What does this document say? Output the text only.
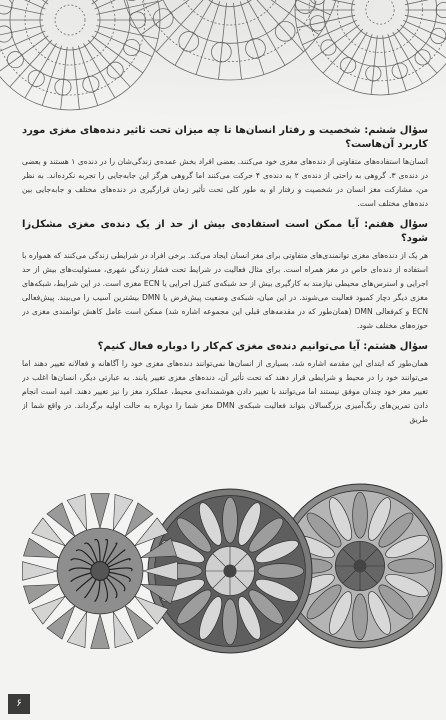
سؤال ششم: شخصیت و رفتار انسان‌ها تا چه میزان تحت تاثیر دنده‌های مغزی مورد کاربرد آن‌هاست؟

انسان‌ها استفاده‌های متفاوتی از دنده‌های مغزی خود می‌کنند. بعضی افراد بخش عمده‌ی زندگی‌شان را در دنده‌ی ۱ هستند و بعضی در دنده‌ی ۳. گروهی به راحتی از دنده‌ی ۲ به دنده‌ی ۴ حرکت می‌کنند اما گروهی هرگز این جابه‌جایی را تجربه نکرده‌اند. به نظر من، مشارکت مغز انسان در شخصیت و رفتار او به طور کلی تحت تأثیر زمان قرارگیری در دنده‌های مختلف و جابه‌جایی بین دنده‌های مختلف است.

سؤال هفتم: آیا ممکن است استفاده‌ی بیش از حد از یک دنده‌ی مغزی مشکل‌زا شود؟

هر یک از دنده‌های مغزی توانمندی‌های متفاوتی برای مغز انسان ایجاد می‌کند. برخی افراد در شرایطی زندگی می‌کنند که همواره با استفاده از دنده‌ای خاص در مغز همراه است. برای مثال فعالیت در شرایط تحت فشار زندگی شهری، مسئولیت‌های بیش از حد اجرایی و استرس‌های محیطی نیازمند به کارگیری بیش از حد شبکه‌ی کنترل اجرایی یا ECN مغزی است. در این شرایط، شبکه‌های مغزی دیگر دچار کمبود فعالیت می‌شوند. در این میان، شبکه‌ی وضعیت پیش‌فرض یا DMN بیشترین آسیب را می‌بیند. پیش‌فعالی ECN و کم‌فعالی DMN (همان‌طور که در مقدمه‌های قبلی این مجموعه اشاره شد) ممکن است عامل کاهش توانمندی مغزی در حوزه‌های مختلف شود.

سؤال هشتم: آیا می‌توانیم دنده‌ی مغزی کم‌کار را دوباره فعال کنیم؟

همان‌طور که ابتدای این مقدمه اشاره شد، بسیاری از انسان‌ها نمی‌توانند دنده‌های مغزی خود را آگاهانه و فعالانه تغییر دهند اما می‌توانند خود را در محیط و شرایطی قرار دهند که تحت تأثیر آن، دنده‌های مغزی تغییر یابند. به عبارتی دیگر، انسان‌ها اغلب در تغییر مغز خود چندان موفق نیستند اما می‌توانند با تغییر دادن هوشمندانه‌ی محیط، عملکرد مغز را نیز تغییر دهند. امید است انجام دادن تمرین‌های رنگ‌آمیزی بزرگسالان بتواند فعالیت شبکه‌ی DMN مغز شما را دوباره به حالت اولیه برگرداند. در واقع شما از طریق

۶
